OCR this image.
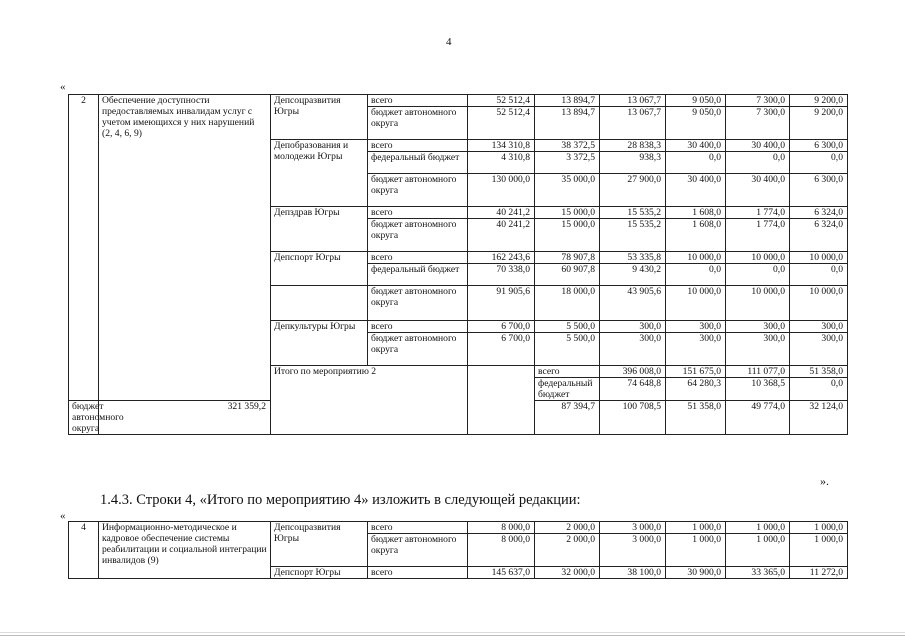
4
«
2	Обеспечение доступности предоставляемых инвалидам услуг с учетом имеющихся у них нарушений (2, 4, 6, 9)	Депсоцразвития Югры	всего	52 512,4	13 894,7	13 067,7	9 050,0	7 300,0	9 200,0	
			бюджет автономного округа	52 512,4	13 894,7	13 067,7	9 050,0	7 300,0	9 200,0	
		Депобразования и молодежи Югры	всего	134 310,8	38 372,5	28 838,3	30 400,0	30 400,0	6 300,0	
			федеральный бюджет	4 310,8	3 372,5	938,3	0,0	0,0	0,0	
			бюджет автономного округа	130 000,0	35 000,0	27 900,0	30 400,0	30 400,0	6 300,0	
		Депздрав Югры	всего	40 241,2	15 000,0	15 535,2	1 608,0	1 774,0	6 324,0	
			бюджет автономного округа	40 241,2	15 000,0	15 535,2	1 608,0	1 774,0	6 324,0	
		Депспорт Югры	всего	162 243,6	78 907,8	53 335,8	10 000,0	10 000,0	10 000,0	
			федеральный бюджет	70 338,0	60 907,8	9 430,2	0,0	0,0	0,0	
			бюджет автономного округа	91 905,6	18 000,0	43 905,6	10 000,0	10 000,0	10 000,0	
		Депкультуры Югры	всего	6 700,0	5 500,0	300,0	300,0	300,0	300,0	
			бюджет автономного округа	6 700,0	5 500,0	300,0	300,0	300,0	300,0	
		Итого по мероприятию 2			всего	396 008,0	151 675,0	111 077,0	51 358,0		
					федеральный бюджет	74 648,8	64 280,3	10 368,5	0,0		
бюджет автономного округа	321 359,2				87 394,7	100 708,5	51 358,0	49 774,0	32 124,0	
».
1.4.3. Строки 4, «Итого по мероприятию 4» изложить в следующей редакции:
«
4	Информационно-методическое и кадровое обеспечение системы реабилитации и социальной интеграции инвалидов (9)	Депсоцразвития Югры	всего	8 000,0	2 000,0	3 000,0	1 000,0	1 000,0	1 000,0
			бюджет автономного округа	8 000,0	2 000,0	3 000,0	1 000,0	1 000,0	1 000,0
		Депспорт Югры	всего	145 637,0	32 000,0	38 100,0	30 900,0	33 365,0	11 272,0
